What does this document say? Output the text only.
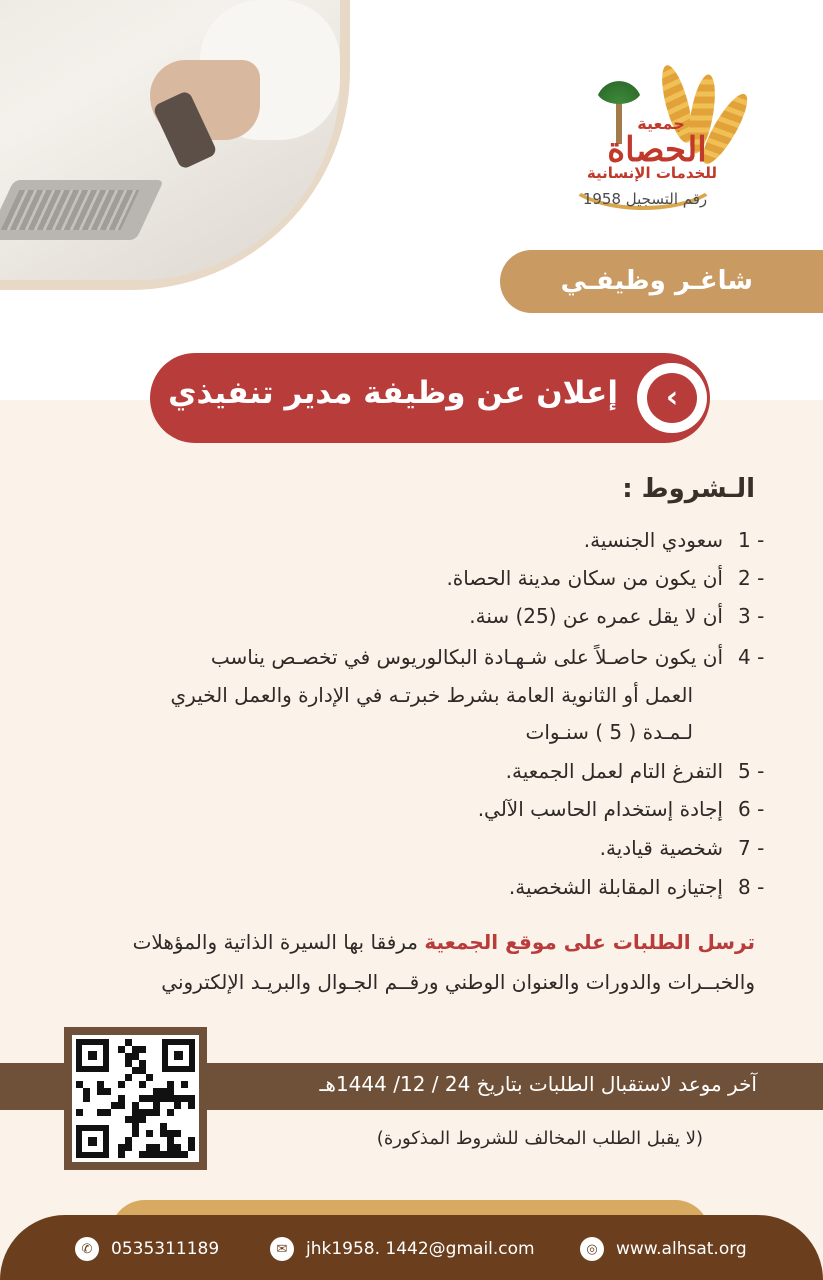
جمعية
الحصاة
للخدمات الإنسانية
رقم التسجيل 1958
شاغـر وظيفـي
إعلان عن وظيفة مدير تنفيذي	‹
الـشروط :
1 -
سعودي الجنسية.
2 -
أن يكون من سكان مدينة الحصاة.
3 -
أن لا يقل عمره عن (25) سنة.
4 -
أن يكون حاصـلاً على شـهـادة البكالوريوس في تخصـص يناسب
العمل أو الثانوية العامة بشرط خبرتـه في الإدارة والعمل الخيري
لـمـدة ( 5 ) سنـوات
5 -
التفرغ التام لعمل الجمعية.
6 -
إجادة إستخدام الحاسب الآلي.
7 -
شخصية قيادية.
8 -
إجتيازه المقابلة الشخصية.
ترسل الطلبات على موقع الجمعية مرفقا بها السيرة الذاتية والمؤهلات
والخبــرات والدورات والعنوان الوطني ورقــم الجـوال والبريـد الإلكتروني
آخر موعد لاستقبال الطلبات بتاريخ 24 / 12/ 1444هـ
(لا يقبل الطلب المخالف للشروط المذكورة)
✆	0535311189	✉	jhk1958. 1442@gmail.com	◎	www.alhsat.org
